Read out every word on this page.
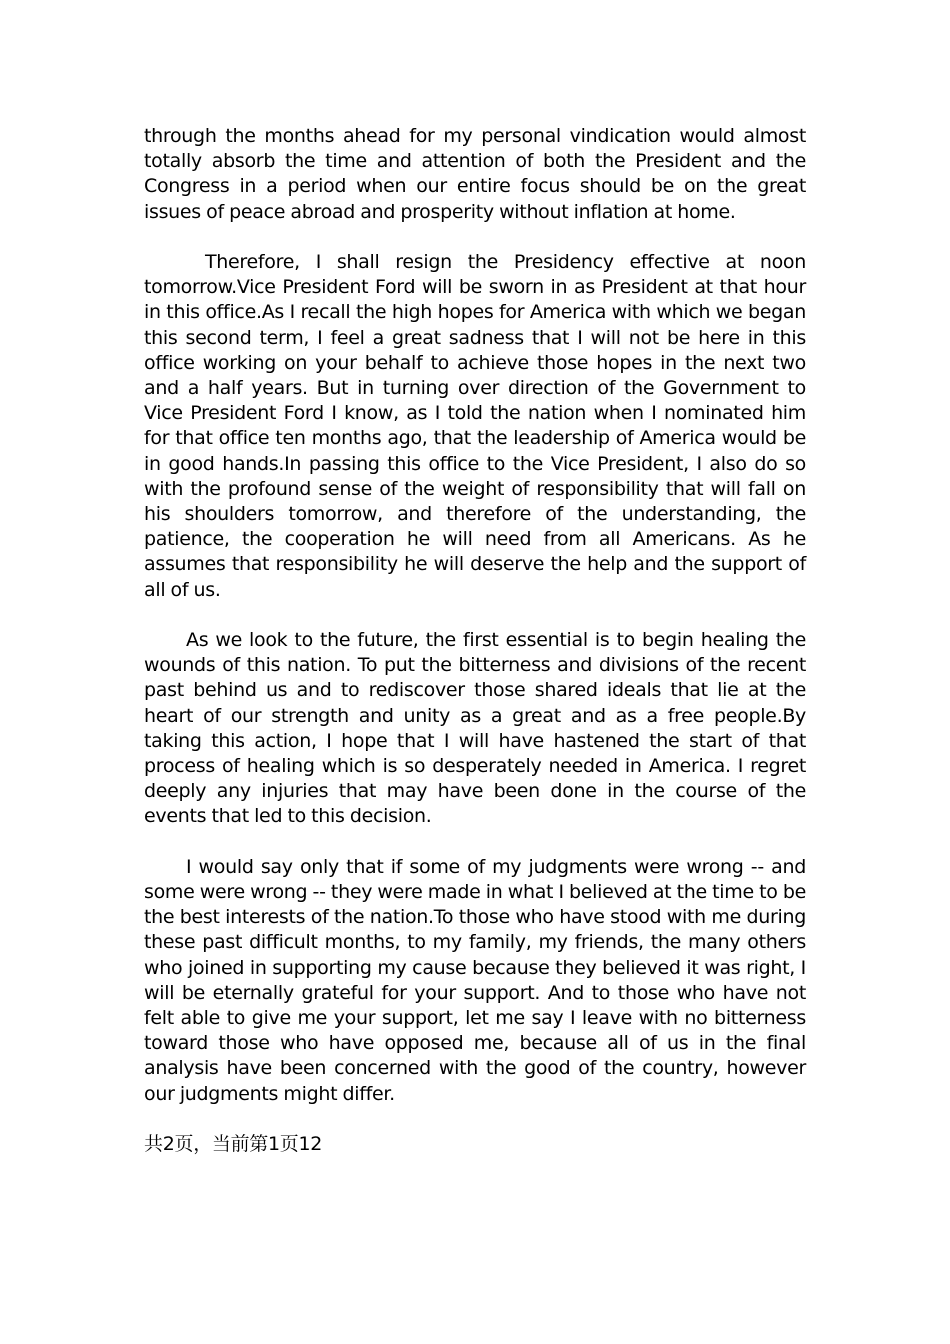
through the months ahead for my personal vindication would almost totally absorb the time and attention of both the President and the Congress in a period when our entire focus should be on the great issues of peace abroad and prosperity without inflation at home.

Therefore, I shall resign the Presidency effective at noon tomorrow.Vice President Ford will be sworn in as President at that hour in this office.As I recall the high hopes for America with which we began this second term, I feel a great sadness that I will not be here in this office working on your behalf to achieve those hopes in the next two and a half years. But in turning over direction of the Government to Vice President Ford I know, as I told the nation when I nominated him for that office ten months ago, that the leadership of America would be in good hands.In passing this office to the Vice President, I also do so with the profound sense of the weight of responsibility that will fall on his shoulders tomorrow, and therefore of the understanding, the patience, the cooperation he will need from all Americans. As he assumes that responsibility he will deserve the help and the support of all of us.

As we look to the future, the first essential is to begin healing the wounds of this nation. To put the bitterness and divisions of the recent past behind us and to rediscover those shared ideals that lie at the heart of our strength and unity as a great and as a free people.By taking this action, I hope that I will have hastened the start of that process of healing which is so desperately needed in America. I regret deeply any injuries that may have been done in the course of the events that led to this decision.

I would say only that if some of my judgments were wrong -- and some were wrong -- they were made in what I believed at the time to be the best interests of the nation.To those who have stood with me during these past difficult months, to my family, my friends, the many others who joined in supporting my cause because they believed it was right, I will be eternally grateful for your support. And to those who have not felt able to give me your support, let me say I leave with no bitterness toward those who have opposed me, because all of us in the final analysis have been concerned with the good of the country, however our judgments might differ.

共2页，当前第1页12
